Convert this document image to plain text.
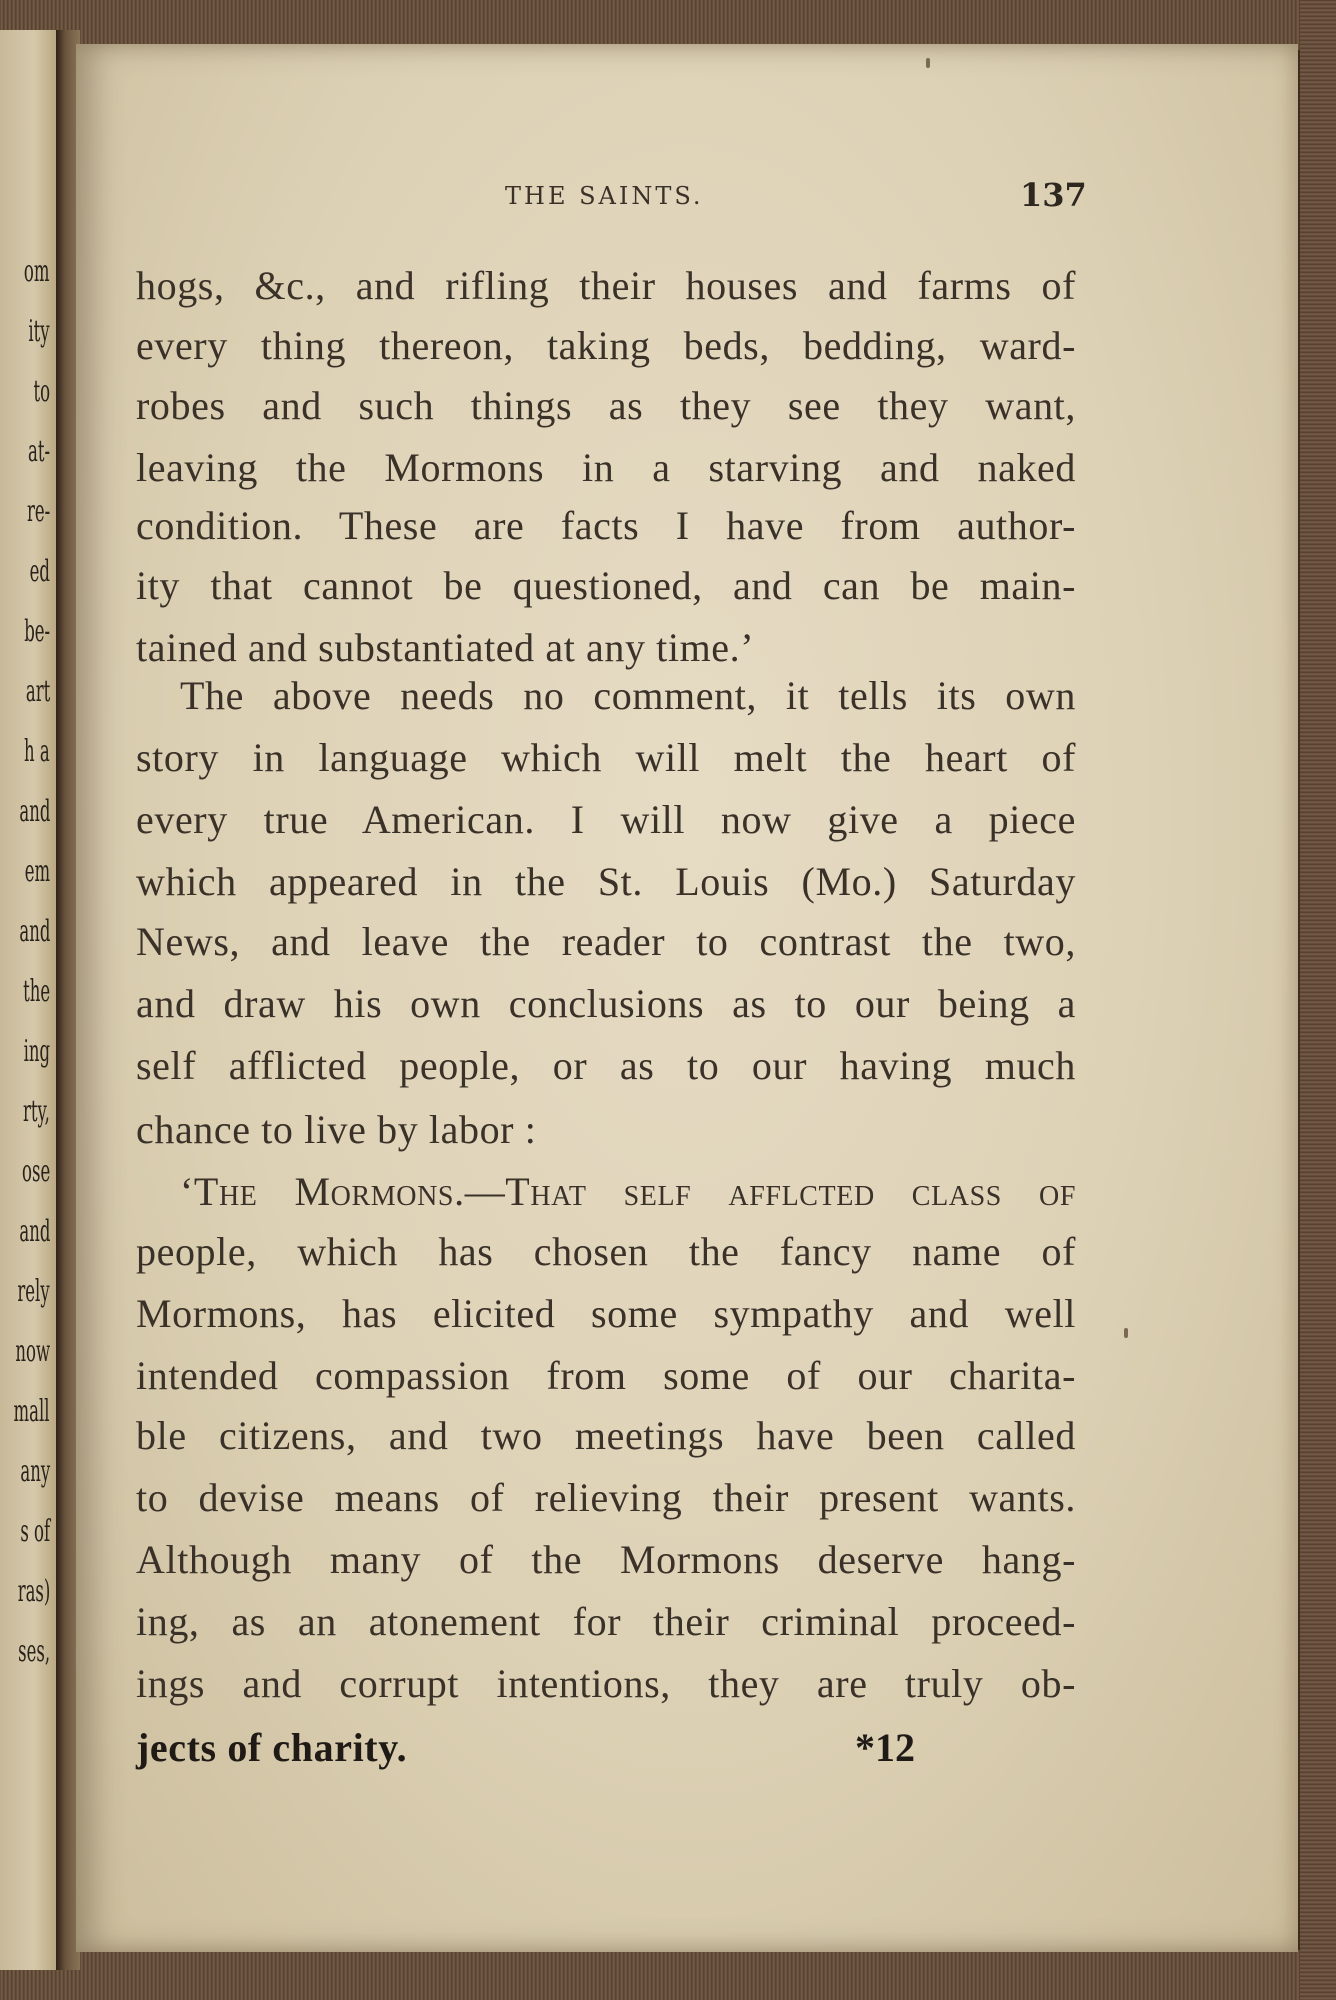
om
ity
to
at-
re-
ed
be-
art
h a
and
em
and
the
ing
rty,
ose
and
rely
now
mall
any
s of
ras)
ses,
THE SAINTS.	137
hogs, &c., and rifling their houses and farms of
every thing thereon, taking beds, bedding, ward-
robes and such things as they see they want,
leaving the Mormons in a starving and naked
condition. These are facts I have from author-
ity that cannot be questioned, and can be main-
tained and substantiated at any time.’
The above needs no comment, it tells its own
story in language which will melt the heart of
every true American. I will now give a piece
which appeared in the St. Louis (Mo.) Saturday
News, and leave the reader to contrast the two,
and draw his own conclusions as to our being a
self afflicted people, or as to our having much
chance to live by labor :
‘The Mormons.—That self afflcted class of
people, which has chosen the fancy name of
Mormons, has elicited some sympathy and well
intended compassion from some of our charita-
ble citizens, and two meetings have been called
to devise means of relieving their present wants.
Although many of the Mormons deserve hang-
ing, as an atonement for their criminal proceed-
ings and corrupt intentions, they are truly ob-
jects of charity.	*12
